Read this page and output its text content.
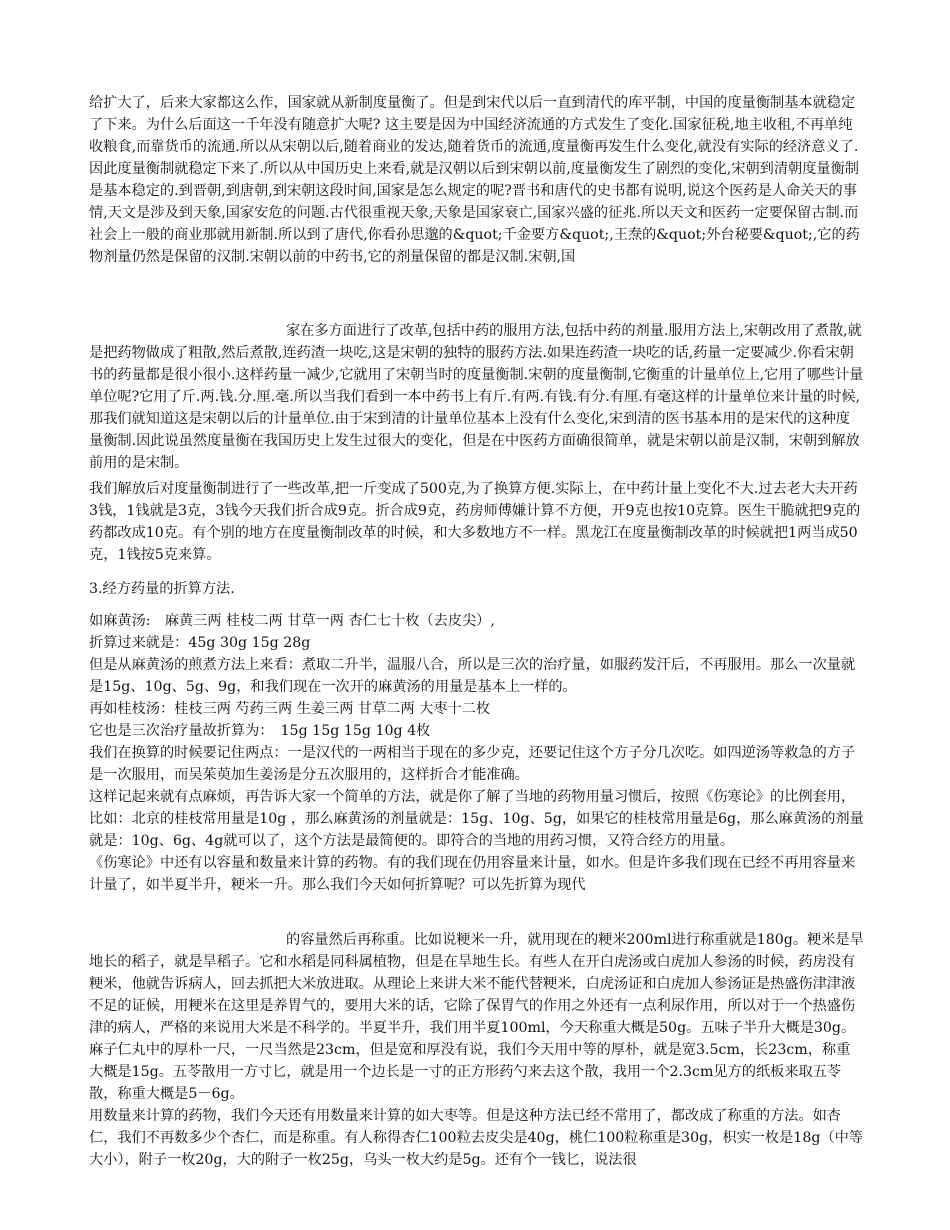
给扩大了，后来大家都这么作，国家就从新制度量衡了。但是到宋代以后一直到清代的库平制，中国的度量衡制基本就稳定了下来。为什么后面这一千年没有随意扩大呢? 这主要是因为中国经济流通的方式发生了变化.国家征税,地主收租,不再单纯收粮食,而靠货币的流通.所以从宋朝以后,随着商业的发达,随着货币的流通,度量衡再发生什么变化,就没有实际的经济意义了.因此度量衡制就稳定下来了.所以从中国历史上来看,就是汉朝以后到宋朝以前,度量衡发生了剧烈的变化,宋朝到清朝度量衡制是基本稳定的.到晋朝,到唐朝,到宋朝这段时间,国家是怎么规定的呢?晋书和唐代的史书都有说明,说这个医药是人命关天的事情,天文是涉及到天象,国家安危的问题.古代很重视天象,天象是国家衰亡,国家兴盛的征兆.所以天文和医药一定要保留古制.而社会上一般的商业那就用新制.所以到了唐代,你看孙思邈的&quot;千金要方&quot;,王焘的&quot;外台秘要&quot;,它的药物剂量仍然是保留的汉制.宋朝以前的中药书,它的剂量保留的都是汉制.宋朝,国

家在多方面进行了改革,包括中药的服用方法,包括中药的剂量.服用方法上,宋朝改用了煮散,就是把药物做成了粗散,然后煮散,连药渣一块吃,这是宋朝的独特的服药方法.如果连药渣一块吃的话,药量一定要减少.你看宋朝书的药量都是很小很小.这样药量一减少,它就用了宋朝当时的度量衡制.宋朝的度量衡制,它衡重的计量单位上,它用了哪些计量单位呢?它用了斤.两.钱.分.厘.毫.所以当我们看到一本中药书上有斤.有两.有钱.有分.有厘.有毫这样的计量单位来计量的时候,那我们就知道这是宋朝以后的计量单位.由于宋到清的计量单位基本上没有什么变化,宋到清的医书基本用的是宋代的这种度量衡制.因此说虽然度量衡在我国历史上发生过很大的变化，但是在中医药方面确很简单，就是宋朝以前是汉制，宋朝到解放前用的是宋制。

我们解放后对度量衡制进行了一些改革,把一斤变成了500克,为了换算方便.实际上，在中药计量上变化不大.过去老大夫开药3钱，1钱就是3克，3钱今天我们折合成9克。折合成9克，药房师傅嫌计算不方便，开9克也按10克算。医生干脆就把9克的药都改成10克。有个别的地方在度量衡制改革的时候，和大多数地方不一样。黑龙江在度量衡制改革的时候就把1两当成50克，1钱按5克来算。

3.经方药量的折算方法.

如麻黄汤:　麻黄三两 桂枝二两 甘草一两 杏仁七十枚（去皮尖）,

折算过来就是：45g 30g 15g 28g

但是从麻黄汤的煎煮方法上来看：煮取二升半，温服八合，所以是三次的治疗量，如服药发汗后，不再服用。那么一次量就是15g、10g、5g、9g，和我们现在一次开的麻黄汤的用量是基本上一样的。

再如桂枝汤：桂枝三两 芍药三两 生姜三两 甘草二两 大枣十二枚

它也是三次治疗量故折算为：　15g 15g 15g 10g 4枚

我们在换算的时候要记住两点：一是汉代的一两相当于现在的多少克，还要记住这个方子分几次吃。如四逆汤等救急的方子是一次服用，而吴茱萸加生姜汤是分五次服用的，这样折合才能准确。

这样记起来就有点麻烦，再告诉大家一个简单的方法，就是你了解了当地的药物用量习惯后，按照《伤寒论》的比例套用，比如：北京的桂枝常用量是10g ，那么麻黄汤的剂量就是：15g、10g、5g，如果它的桂枝常用量是6g，那么麻黄汤的剂量就是：10g、6g、4g就可以了，这个方法是最简便的。即符合的当地的用药习惯，又符合经方的用量。

《伤寒论》中还有以容量和数量来计算的药物。有的我们现在仍用容量来计量，如水。但是许多我们现在已经不再用容量来计量了，如半夏半升，粳米一升。那么我们今天如何折算呢？可以先折算为现代

的容量然后再称重。比如说粳米一升，就用现在的粳米200ml进行称重就是180g。粳米是旱地长的稻子，就是旱稻子。它和水稻是同科属植物，但是在旱地生长。有些人在开白虎汤或白虎加人参汤的时候，药房没有粳米，他就告诉病人，回去抓把大米放进取。从理论上来讲大米不能代替粳米，白虎汤证和白虎加人参汤证是热盛伤津津液不足的证候，用粳米在这里是养胃气的，要用大米的话，它除了保胃气的作用之外还有一点利尿作用，所以对于一个热盛伤津的病人，严格的来说用大米是不科学的。半夏半升，我们用半夏100ml，今天称重大概是50g。五味子半升大概是30g。麻子仁丸中的厚朴一尺，一尺当然是23cm，但是宽和厚没有说，我们今天用中等的厚朴，就是宽3.5cm，长23cm，称重大概是15g。五苓散用一方寸匕，就是用一个边长是一寸的正方形药勺来去这个散，我用一个2.3cm见方的纸板来取五苓散，称重大概是5－6g。

用数量来计算的药物，我们今天还有用数量来计算的如大枣等。但是这种方法已经不常用了，都改成了称重的方法。如杏仁，我们不再数多少个杏仁，而是称重。有人称得杏仁100粒去皮尖是40g，桃仁100粒称重是30g，枳实一枚是18g（中等大小），附子一枚20g，大的附子一枚25g，乌头一枚大约是5g。还有个一钱匕，说法很
